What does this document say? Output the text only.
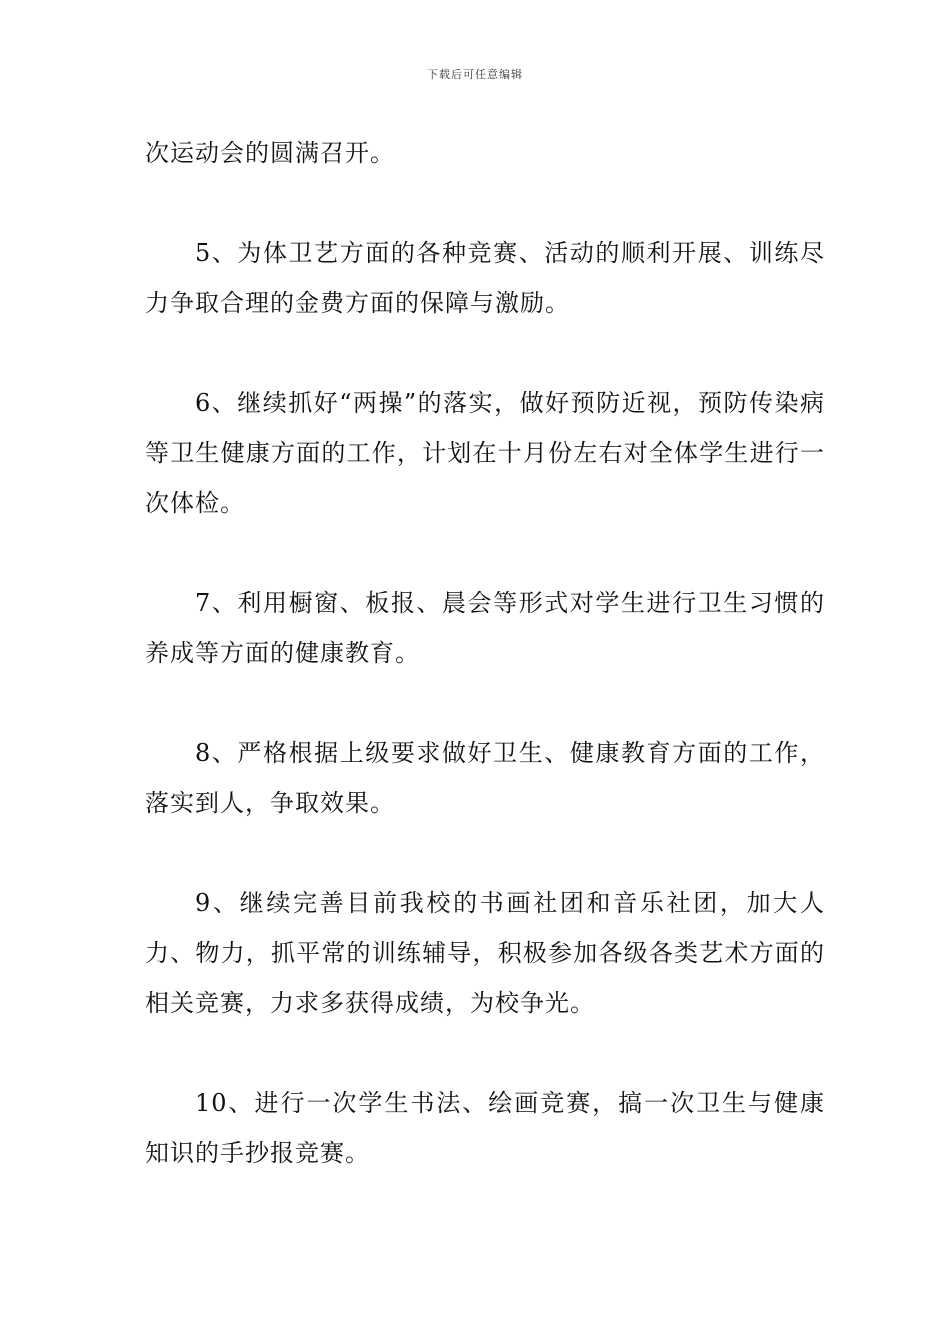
下载后可任意编辑

次运动会的圆满召开。

5、为体卫艺方面的各种竞赛、活动的顺利开展、训练尽力争取合理的金费方面的保障与激励。

6、继续抓好“两操”的落实，做好预防近视，预防传染病等卫生健康方面的工作，计划在十月份左右对全体学生进行一次体检。

7、利用橱窗、板报、晨会等形式对学生进行卫生习惯的养成等方面的健康教育。

8、严格根据上级要求做好卫生、健康教育方面的工作，落实到人，争取效果。

9、继续完善目前我校的书画社团和音乐社团，加大人力、物力，抓平常的训练辅导，积极参加各级各类艺术方面的相关竞赛，力求多获得成绩，为校争光。

10、进行一次学生书法、绘画竞赛，搞一次卫生与健康知识的手抄报竞赛。
